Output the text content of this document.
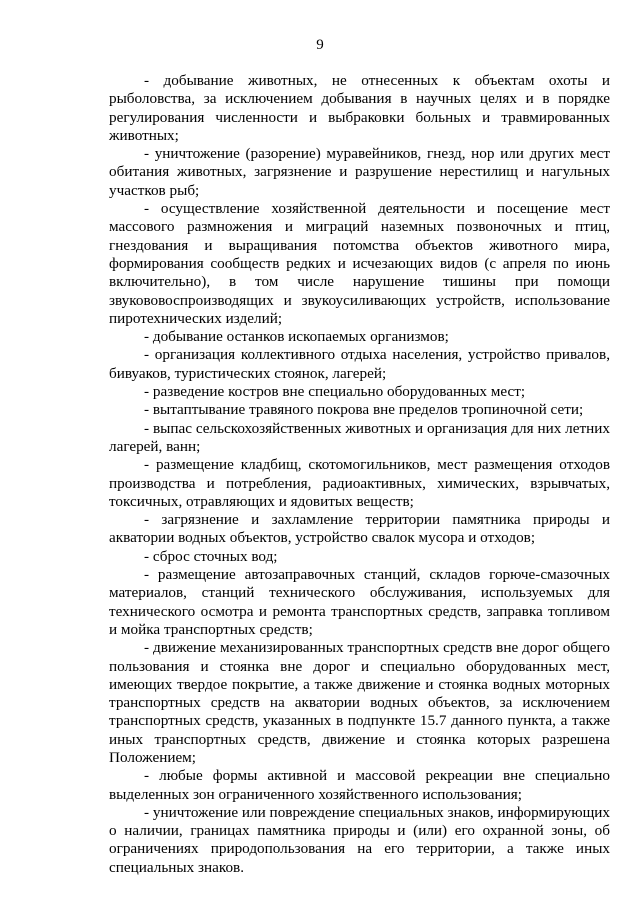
9

- добывание животных, не отнесенных к объектам охоты и рыболовства, за исключением добывания в научных целях и в порядке регулирования численности и выбраковки больных и травмированных животных;

- уничтожение (разорение) муравейников, гнезд, нор или других мест обитания животных, загрязнение и разрушение нерестилищ и нагульных участков рыб;

- осуществление хозяйственной деятельности и посещение мест массового размножения и миграций наземных позвоночных и птиц, гнездования и выращивания потомства объектов животного мира, формирования сообществ редких и исчезающих видов (с апреля по июнь включительно), в том числе нарушение тишины при помощи звукововоспроизводящих и звукоусиливающих устройств, использование пиротехнических изделий;

- добывание останков ископаемых организмов;

- организация коллективного отдыха населения, устройство привалов, бивуаков, туристических стоянок, лагерей;

- разведение костров вне специально оборудованных мест;

- вытаптывание травяного покрова вне пределов тропиночной сети;

- выпас сельскохозяйственных животных и организация для них летних лагерей, ванн;

- размещение кладбищ, скотомогильников, мест размещения отходов производства и потребления, радиоактивных, химических, взрывчатых, токсичных, отравляющих и ядовитых веществ;

- загрязнение и захламление территории памятника природы и акватории водных объектов, устройство свалок мусора и отходов;

- сброс сточных вод;

- размещение автозаправочных станций, складов горюче-смазочных материалов, станций технического обслуживания, используемых для технического осмотра и ремонта транспортных средств, заправка топливом и мойка транспортных средств;

- движение механизированных транспортных средств вне дорог общего пользования и стоянка вне дорог и специально оборудованных мест, имеющих твердое покрытие, а также движение и стоянка водных моторных транспортных средств на акватории водных объектов, за исключением транспортных средств, указанных в подпункте 15.7 данного пункта, а также иных транспортных средств, движение и стоянка которых разрешена Положением;

- любые формы активной и массовой рекреации вне специально выделенных зон ограниченного хозяйственного использования;

- уничтожение или повреждение специальных знаков, информирующих о наличии, границах памятника природы и (или) его охранной зоны, об ограничениях природопользования на его территории, а также иных специальных знаков.
